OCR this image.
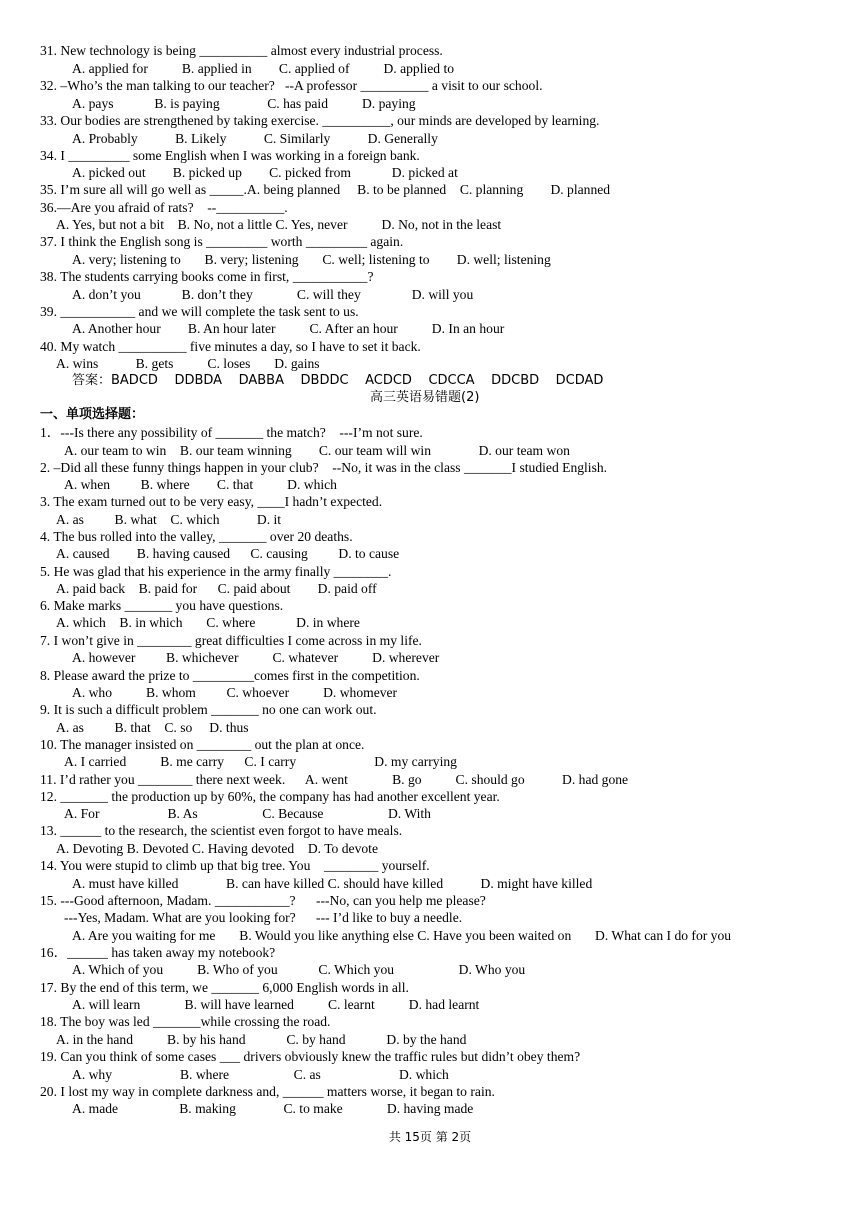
31. New technology is being __________ almost every industrial process.
A. applied for          B. applied in        C. applied of          D. applied to
32. –Who’s the man talking to our teacher?   --A professor __________ a visit to our school.
A. pays            B. is paying              C. has paid          D. paying
33. Our bodies are strengthened by taking exercise. __________, our minds are developed by learning.
A. Probably           B. Likely           C. Similarly           D. Generally
34. I _________ some English when I was working in a foreign bank.
A. picked out        B. picked up        C. picked from            D. picked at
35. I’m sure all will go well as _____.A. being planned     B. to be planned    C. planning        D. planned
36.—Are you afraid of rats?    --__________.
A. Yes, but not a bit    B. No, not a little C. Yes, never          D. No, not in the least
37. I think the English song is _________ worth _________ again.
A. very; listening to       B. very; listening       C. well; listening to        D. well; listening
38. The students carrying books come in first, ___________?
A. don’t you            B. don’t they             C. will they               D. will you
39. ___________ and we will complete the task sent to us.
A. Another hour        B. An hour later          C. After an hour          D. In an hour
40. My watch __________ five minutes a day, so I have to set it back.
A. wins           B. gets          C. loses       D. gains
答案：BADCD    DDBDA    DABBA    DBDDC    ACDCD    CDCCA    DDCBD    DCDAD
高三英语易错题(2)
一、单项选择题：
1．---Is there any possibility of _______ the match?    ---I’m not sure.
A. our team to win    B. our team winning        C. our team will win              D. our team won
2. –Did all these funny things happen in your club?    --No, it was in the class _______I studied English.
A. when         B. where        C. that          D. which
3. The exam turned out to be very easy, ____I hadn’t expected.
A. as         B. what    C. which           D. it
4. The bus rolled into the valley, _______ over 20 deaths.
A. caused        B. having caused      C. causing         D. to cause
5. He was glad that his experience in the army finally ________.
A. paid back    B. paid for      C. paid about        D. paid off
6. Make marks _______ you have questions.
A. which    B. in which       C. where            D. in where
7. I won’t give in ________ great difficulties I come across in my life.
A. however         B. whichever          C. whatever          D. wherever
8. Please award the prize to _________comes first in the competition.
A. who          B. whom         C. whoever          D. whomever
9. It is such a difficult problem _______ no one can work out.
A. as         B. that    C. so     D. thus
10. The manager insisted on ________ out the plan at once.
A. I carried          B. me carry      C. I carry                       D. my carrying
11. I’d rather you ________ there next week.      A. went             B. go          C. should go           D. had gone
12. _______ the production up by 60%, the company has had another excellent year.
A. For                    B. As                   C. Because                   D. With
13. ______ to the research, the scientist even forgot to have meals.
A. Devoting B. Devoted C. Having devoted    D. To devote
14. You were stupid to climb up that big tree. You    ________ yourself.
A. must have killed              B. can have killed C. should have killed           D. might have killed
15. ---Good afternoon, Madam. ___________?      ---No, can you help me please?
---Yes, Madam. What are you looking for?      --- I’d like to buy a needle.
A. Are you waiting for me       B. Would you like anything else C. Have you been waited on       D. What can I do for you
16．______ has taken away my notebook?
A. Which of you          B. Who of you            C. Which you                   D. Who you
17. By the end of this term, we _______ 6,000 English words in all.
A. will learn             B. will have learned          C. learnt          D. had learnt
18. The boy was led _______while crossing the road.
A. in the hand          B. by his hand            C. by hand            D. by the hand
19. Can you think of some cases ___ drivers obviously knew the traffic rules but didn’t obey them?
A. why                    B. where                   C. as                       D. which
20. I lost my way in complete darkness and, ______ matters worse, it began to rain.
A. made                  B. making              C. to make             D. having made
共 15页 第 2页
